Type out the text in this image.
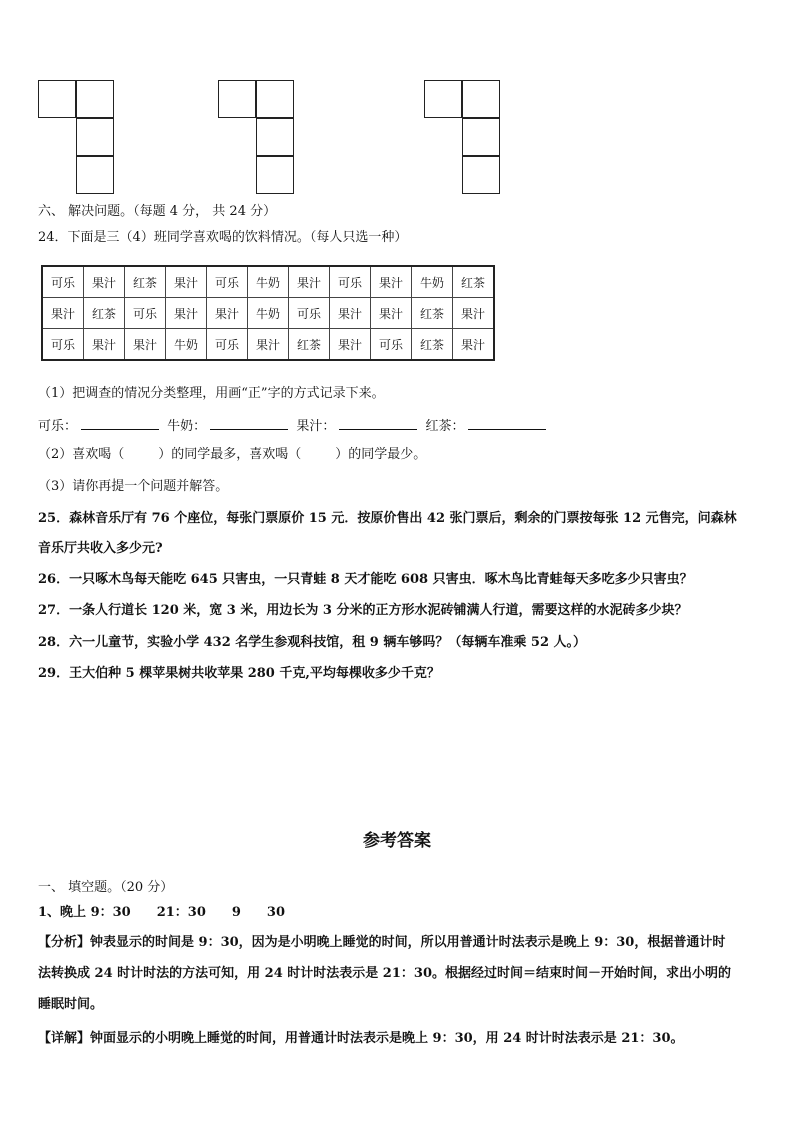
六、 解决问题。（每题 4 分， 共 24 分）
24．下面是三（4）班同学喜欢喝的饮料情况。（每人只选一种）
可乐	果汁	红茶	果汁	可乐	牛奶	果汁	可乐	果汁	牛奶	红茶
果汁	红茶	可乐	果汁	果汁	牛奶	可乐	果汁	果汁	红茶	果汁
可乐	果汁	果汁	牛奶	可乐	果汁	红茶	果汁	可乐	红茶	果汁
（1）把调查的情况分类整理，用画“正”字的方式记录下来。
可乐：	牛奶：	果汁：	红茶：
（2）喜欢喝（	）的同学最多，喜欢喝（	）的同学最少。
（3）请你再提一个问题并解答。
25．森林音乐厅有 76 个座位，每张门票原价 15 元．按原价售出 42 张门票后，剩余的门票按每张 12 元售完，问森林
音乐厅共收入多少元?
26．一只啄木鸟每天能吃 645 只害虫，一只青蛙 8 天才能吃 608 只害虫．啄木鸟比青蛙每天多吃多少只害虫？
27．一条人行道长 120 米，宽 3 米，用边长为 3 分米的正方形水泥砖铺满人行道，需要这样的水泥砖多少块？
28．六一儿童节，实验小学 432 名学生参观科技馆，租 9 辆车够吗？（每辆车准乘 52 人。）
29．王大伯种 5 棵苹果树共收苹果 280 千克,平均每棵收多少千克？
参考答案
一、 填空题。（20 分）
1、晚上 9：30　　21：30　　9　　30
【分析】钟表显示的时间是 9：30，因为是小明晚上睡觉的时间，所以用普通计时法表示是晚上 9：30，根据普通计时
法转换成 24 时计时法的方法可知，用 24 时计时法表示是 21：30。根据经过时间＝结束时间－开始时间，求出小明的
睡眠时间。
【详解】钟面显示的小明晚上睡觉的时间，用普通计时法表示是晚上 9：30，用 24 时计时法表示是 21：30。
